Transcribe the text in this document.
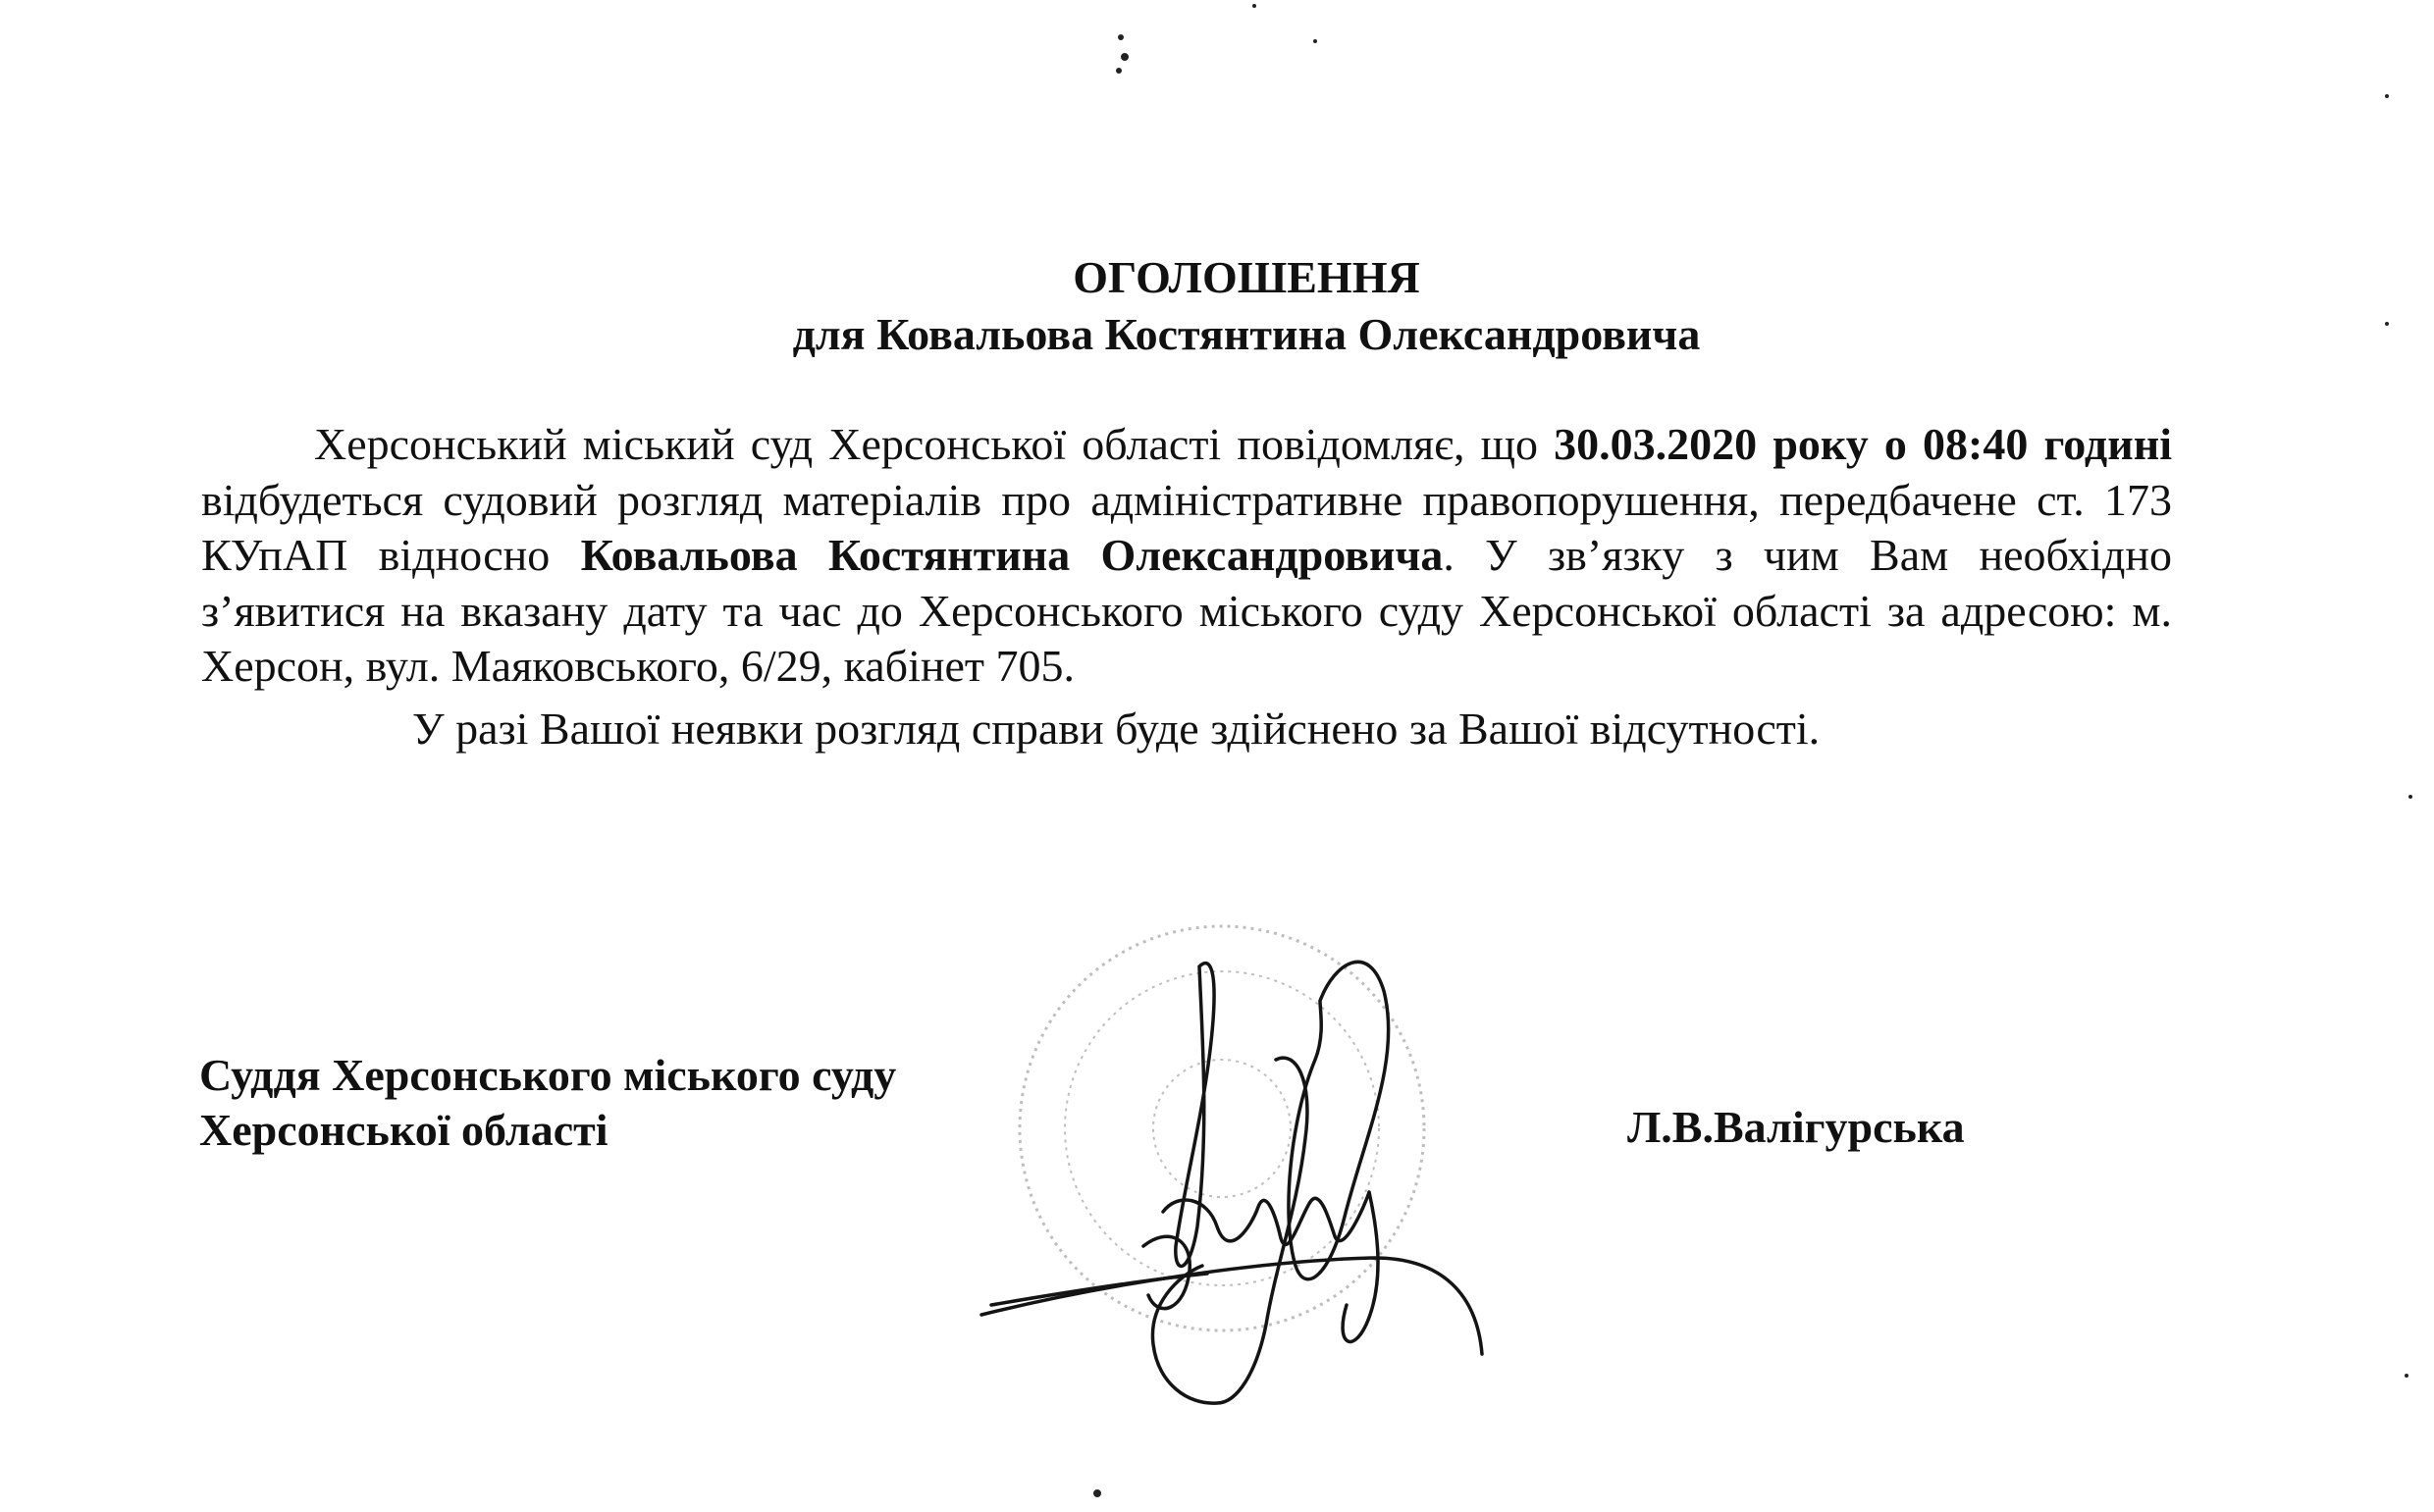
ОГОЛОШЕННЯ
для Ковальова Костянтина Олександровича
Херсонський міський суд Херсонської області повідомляє, що 30.03.2020 року о 08:40 годині відбудеться судовий розгляд матеріалів про адміністративне правопорушення, передбачене ст. 173 КУпАП відносно Ковальова Костянтина Олександровича. У зв’язку з чим Вам необхідно з’явитися на вказану дату та час до Херсонського міського суду Херсонської області за адресою: м. Херсон, вул. Маяковського, 6/29, кабінет 705.
У разі Вашої неявки розгляд справи буде здійснено за Вашої відсутності.
Суддя Херсонського міського суду
Херсонської області	Л.В.Валігурська
